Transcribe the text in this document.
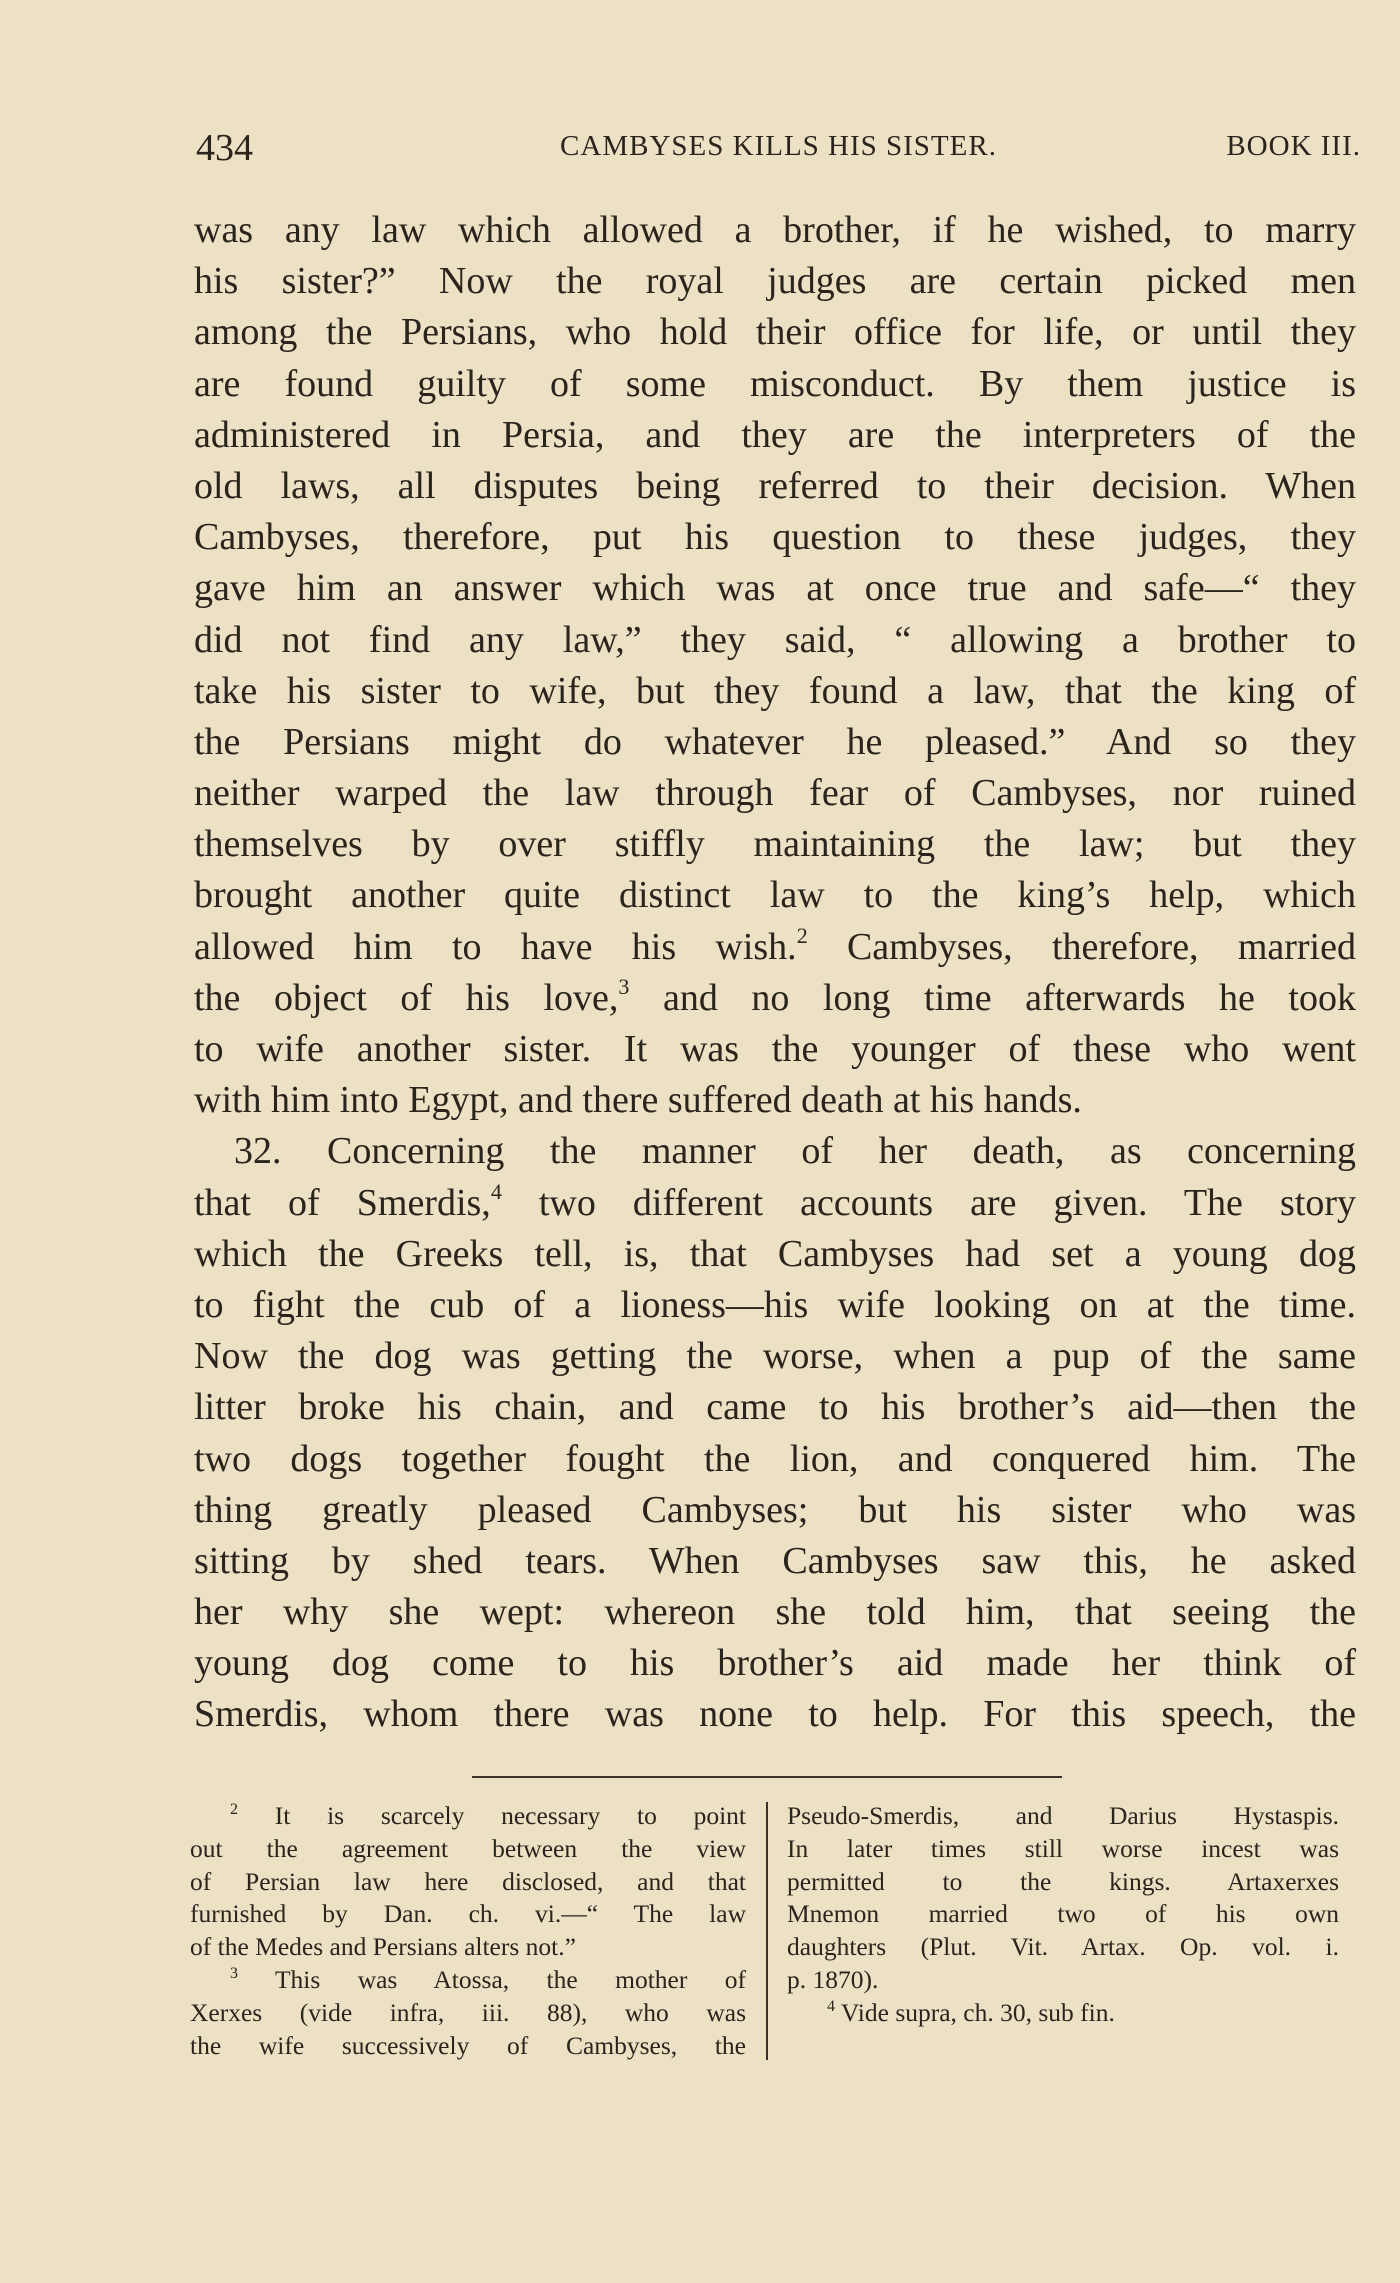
434	CAMBYSES KILLS HIS SISTER.	BOOK III.
was any law which allowed a brother, if he wished, to marry
his sister?” Now the royal judges are certain picked men
among the Persians, who hold their office for life, or until they
are found guilty of some misconduct. By them justice is
administered in Persia, and they are the interpreters of the
old laws, all disputes being referred to their decision. When
Cambyses, therefore, put his question to these judges, they
gave him an answer which was at once true and safe—“ they
did not find any law,” they said, “ allowing a brother to
take his sister to wife, but they found a law, that the king of
the Persians might do whatever he pleased.” And so they
neither warped the law through fear of Cambyses, nor ruined
themselves by over stiffly maintaining the law; but they
brought another quite distinct law to the king’s help, which
allowed him to have his wish.$^2$ Cambyses, therefore, married
the object of his love,$^3$ and no long time afterwards he took
to wife another sister. It was the younger of these who went
with him into Egypt, and there suffered death at his hands.
32. Concerning the manner of her death, as concerning
that of Smerdis,$^4$ two different accounts are given. The story
which the Greeks tell, is, that Cambyses had set a young dog
to fight the cub of a lioness—his wife looking on at the time.
Now the dog was getting the worse, when a pup of the same
litter broke his chain, and came to his brother’s aid—then the
two dogs together fought the lion, and conquered him. The
thing greatly pleased Cambyses; but his sister who was
sitting by shed tears. When Cambyses saw this, he asked
her why she wept: whereon she told him, that seeing the
young dog come to his brother’s aid made her think of
Smerdis, whom there was none to help. For this speech, the
$^2$ It is scarcely necessary to point
out the agreement between the view
of Persian law here disclosed, and that
furnished by Dan. ch. vi.—“ The law
of the Medes and Persians alters not.”
$^3$ This was Atossa, the mother of
Xerxes (vide infra, iii. 88), who was
the wife successively of Cambyses, the
Pseudo-Smerdis, and Darius Hystaspis.
In later times still worse incest was
permitted to the kings. Artaxerxes
Mnemon married two of his own
daughters (Plut. Vit. Artax. Op. vol. i.
p. 1870).
$^4$ Vide supra, ch. 30, sub fin.
